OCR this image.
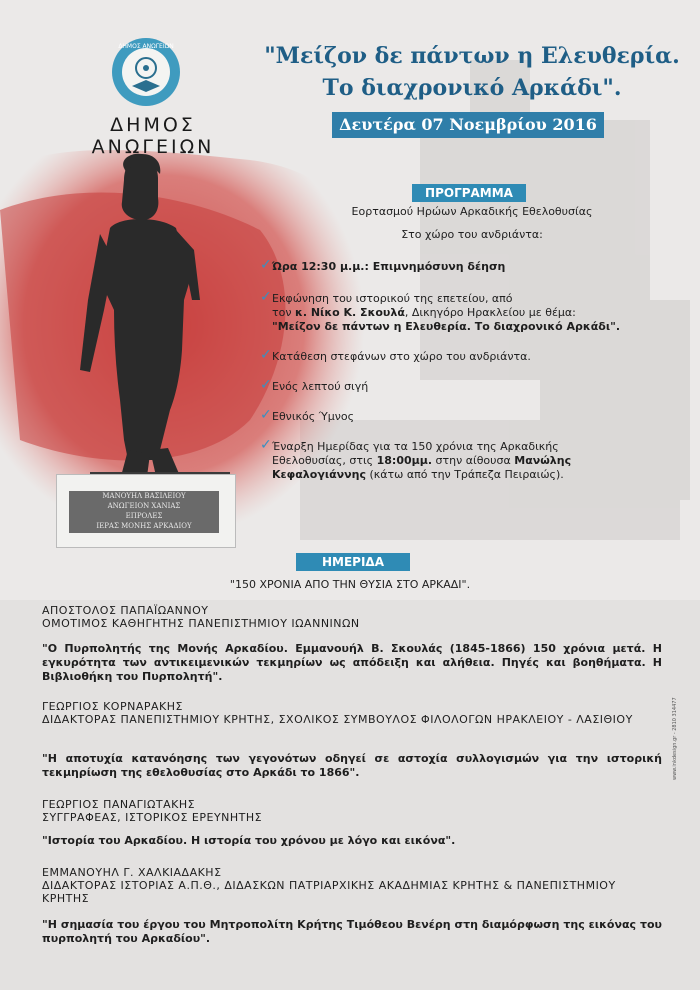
ΜΑΝΟΥΗΛ ΒΑΣΙΛΕΙΟΥ
ΑΝΩΓΕΙΟΝ ΧΑΝΙΑΣ
ΕΠΡΟΛΕΣ
ΙΕΡΑΣ ΜΟΝΗΣ ΑΡΚΑΔΙΟΥ
ΔΗΜΟΣ ΑΝΩΓΕΙΩΝ
ΔΗΜΟΣ ΑΝΩΓΕΙΩΝ
"Μείζον δε πάντων η Ελευθερία.
Το διαχρονικό Αρκάδι".
Δευτέρα 07 Νοεμβρίου 2016
ΠΡΟΓΡΑΜΜΑ
Εορτασμού Ηρώων Αρκαδικής Εθελοθυσίας
Στο χώρο του ανδριάντα:
✓ Ώρα 12:30 μ.μ.: Επιμνημόσυνη δέηση
✓ Εκφώνηση του ιστορικού της επετείου, από
τον κ. Νίκο Κ. Σκουλά, Δικηγόρο Ηρακλείου με θέμα:
"Μείζον δε πάντων η Ελευθερία. Το διαχρονικό Αρκάδι".
✓ Κατάθεση στεφάνων στο χώρο του ανδριάντα.
✓ Ενός λεπτού σιγή
✓ Εθνικός Ύμνος
✓ Έναρξη Ημερίδας για τα 150 χρόνια της Αρκαδικής
Εθελοθυσίας, στις 18:00μμ. στην αίθουσα Μανώλης
Κεφαλογιάννης (κάτω από την Τράπεζα Πειραιώς).
ΗΜΕΡΙΔΑ
"150 ΧΡΟΝΙΑ ΑΠΟ ΤΗΝ ΘΥΣΙΑ ΣΤΟ ΑΡΚΑΔΙ".
ΑΠΟΣΤΟΛΟΣ ΠΑΠΑΪΩΑΝΝΟΥ
ΟΜΟΤΙΜΟΣ ΚΑΘΗΓΗΤΗΣ ΠΑΝΕΠΙΣΤΗΜΙΟΥ ΙΩΑΝΝΙΝΩΝ
"Ο Πυρπολητής της Μονής Αρκαδίου. Εμμανουήλ Β. Σκουλάς (1845-1866) 150 χρόνια μετά. Η εγκυρότητα των αντικειμενικών τεκμηρίων ως απόδειξη και αλήθεια. Πηγές και βοηθήματα. Η Βιβλιοθήκη του Πυρπολητή".
ΓΕΩΡΓΙΟΣ ΚΟΡΝΑΡΑΚΗΣ
ΔΙΔΑΚΤΟΡΑΣ ΠΑΝΕΠΙΣΤΗΜΙΟΥ ΚΡΗΤΗΣ, ΣΧΟΛΙΚΟΣ ΣΥΜΒΟΥΛΟΣ ΦΙΛΟΛΟΓΩΝ ΗΡΑΚΛΕΙΟΥ - ΛΑΣΙΘΙΟΥ
"Η αποτυχία κατανόησης των γεγονότων οδηγεί σε αστοχία συλλογισμών για την ιστορική τεκμηρίωση της εθελοθυσίας στο Αρκάδι το 1866".
ΓΕΩΡΓΙΟΣ ΠΑΝΑΓΙΩΤΑΚΗΣ
ΣΥΓΓΡΑΦΕΑΣ, ΙΣΤΟΡΙΚΟΣ ΕΡΕΥΝΗΤΗΣ
"Ιστορία του Αρκαδίου. Η ιστορία του χρόνου με λόγο και εικόνα".
ΕΜΜΑΝΟΥΗΛ Γ. ΧΑΛΚΙΑΔΑΚΗΣ
ΔΙΔΑΚΤΟΡΑΣ ΙΣΤΟΡΙΑΣ Α.Π.Θ., ΔΙΔΑΣΚΩΝ ΠΑΤΡΙΑΡΧΙΚΗΣ ΑΚΑΔΗΜΙΑΣ ΚΡΗΤΗΣ & ΠΑΝΕΠΙΣΤΗΜΙΟΥ ΚΡΗΤΗΣ
"Η σημασία του έργου του Μητροπολίτη Κρήτης Τιμόθεου Βενέρη στη διαμόρφωση της εικόνας του πυρπολητή του Αρκαδίου".
www.inkdesign.gr - 2810 314477
